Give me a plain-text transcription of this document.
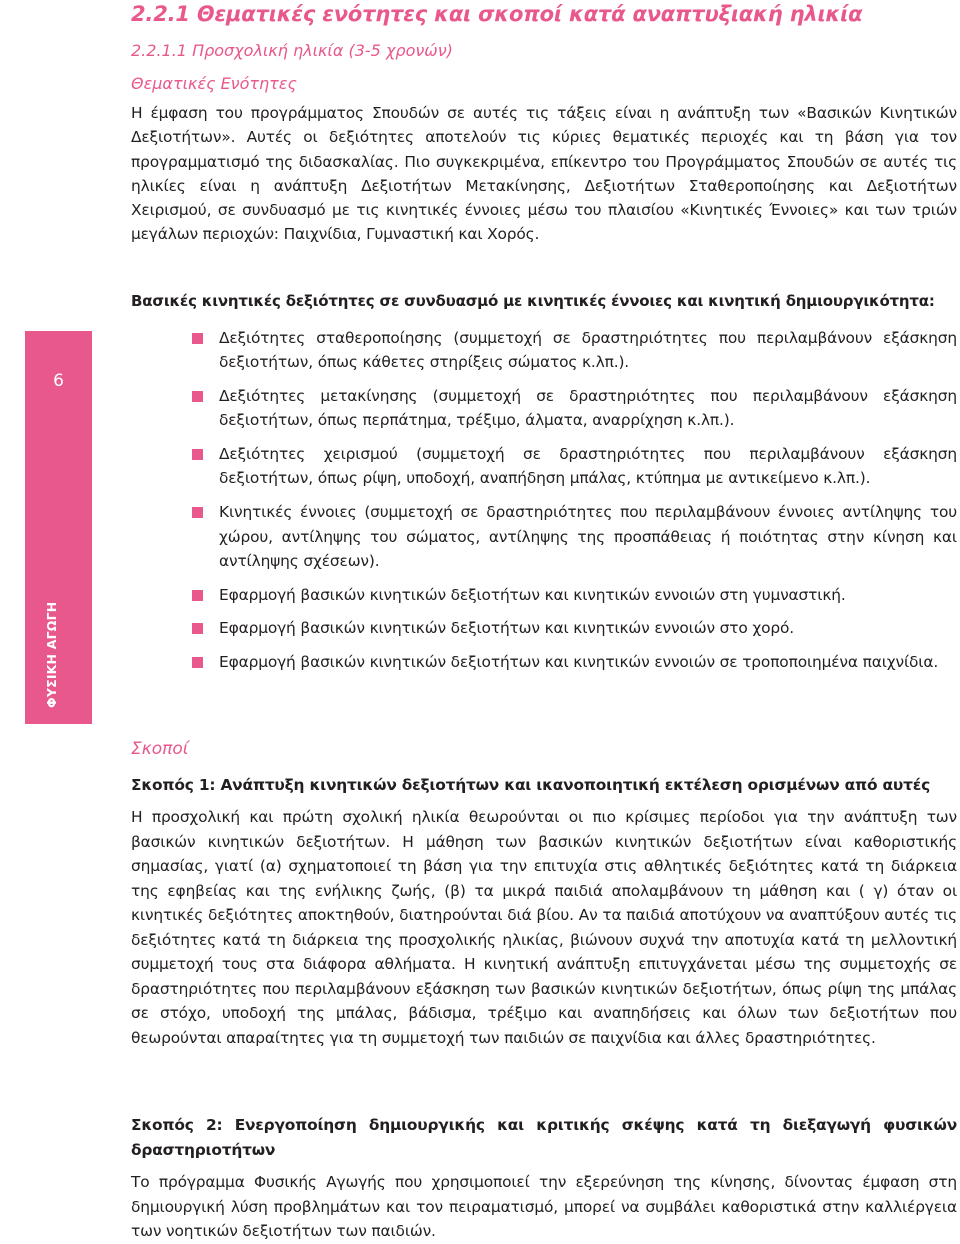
6
ΦΥΣΙΚΗ ΑΓΩΓΗ
2.2.1 Θεματικές ενότητες και σκοποί κατά αναπτυξιακή ηλικία
2.2.1.1 Προσχολική ηλικία (3-5 χρονών)
Θεματικές Ενότητες
Η έμφαση του προγράμματος Σπουδών σε αυτές τις τάξεις είναι η ανάπτυξη των «Βασικών Κινητικών Δεξιοτήτων». Αυτές οι δεξιότητες αποτελούν τις κύριες θεματικές περιοχές και τη βάση για τον προγραμματισμό της διδασκαλίας. Πιο συγκεκριμένα, επίκεντρο του Προγράμματος Σπουδών σε αυτές τις ηλικίες είναι η ανάπτυξη Δεξιοτήτων Μετακίνησης, Δεξιοτήτων Σταθεροποίησης και Δεξιοτήτων Χειρισμού, σε συνδυασμό με τις κινητικές έννοιες μέσω του πλαισίου «Κινητικές Έννοιες» και των τριών μεγάλων περιοχών: Παιχνίδια, Γυμναστική και Χορός.
Βασικές κινητικές δεξιότητες σε συνδυασμό με κινητικές έννοιες και κινητική δημιουργικότητα:
Δεξιότητες σταθεροποίησης (συμμετοχή σε δραστηριότητες που περιλαμβάνουν εξάσκηση δεξιοτήτων, όπως κάθετες στηρίξεις σώματος κ.λπ.).
Δεξιότητες μετακίνησης (συμμετοχή σε δραστηριότητες που περιλαμβάνουν εξάσκηση δεξιοτήτων, όπως περπάτημα, τρέξιμο, άλματα, αναρρίχηση κ.λπ.).
Δεξιότητες χειρισμού (συμμετοχή σε δραστηριότητες που περιλαμβάνουν εξάσκηση δεξιοτήτων, όπως ρίψη, υποδοχή, αναπήδηση μπάλας, κτύπημα με αντικείμενο κ.λπ.).
Κινητικές έννοιες (συμμετοχή σε δραστηριότητες που περιλαμβάνουν έννοιες αντίληψης του χώρου, αντίληψης του σώματος, αντίληψης της προσπάθειας ή ποιότητας στην κίνηση και αντίληψης σχέσεων).
Εφαρμογή βασικών κινητικών δεξιοτήτων και κινητικών εννοιών στη γυμναστική.
Εφαρμογή βασικών κινητικών δεξιοτήτων και κινητικών εννοιών στο χορό.
Εφαρμογή βασικών κινητικών δεξιοτήτων και κινητικών εννοιών σε τροποποιημένα παιχνίδια.
Σκοποί
Σκοπός 1: Ανάπτυξη κινητικών δεξιοτήτων και ικανοποιητική εκτέλεση ορισμένων από αυτές
Η προσχολική και πρώτη σχολική ηλικία θεωρούνται οι πιο κρίσιμες περίοδοι για την ανάπτυξη των βασικών κινητικών δεξιοτήτων. Η μάθηση των βασικών κινητικών δεξιοτήτων είναι καθοριστικής σημασίας, γιατί (α) σχηματοποιεί τη βάση για την επιτυχία στις αθλητικές δεξιότητες κατά τη διάρκεια της εφηβείας και της ενήλικης ζωής, (β) τα μικρά παιδιά απολαμβάνουν τη μάθηση και ( γ) όταν οι κινητικές δεξιότητες αποκτηθούν, διατηρούνται διά βίου. Αν τα παιδιά αποτύχουν να αναπτύξουν αυτές τις δεξιότητες κατά τη διάρκεια της προσχολικής ηλικίας, βιώνουν συχνά την αποτυχία κατά τη μελλοντική συμμετοχή τους στα διάφορα αθλήματα. Η κινητική ανάπτυξη επιτυγχάνεται μέσω της συμμετοχής σε δραστηριότητες που περιλαμβάνουν εξάσκηση των βασικών κινητικών δεξιοτήτων, όπως ρίψη της μπάλας σε στόχο, υποδοχή της μπάλας, βάδισμα, τρέξιμο και αναπηδήσεις και όλων των δεξιοτήτων που θεωρούνται απαραίτητες για τη συμμετοχή των παιδιών σε παιχνίδια και άλλες δραστηριότητες.
Σκοπός 2: Ενεργοποίηση δημιουργικής και κριτικής σκέψης κατά τη διεξαγωγή φυσικών δραστηριοτήτων
Το πρόγραμμα Φυσικής Αγωγής που χρησιμοποιεί την εξερεύνηση της κίνησης, δίνοντας έμφαση στη δημιουργική λύση προβλημάτων και τον πειραματισμό, μπορεί να συμβάλει καθοριστικά στην καλλιέργεια των νοητικών δεξιοτήτων των παιδιών.
